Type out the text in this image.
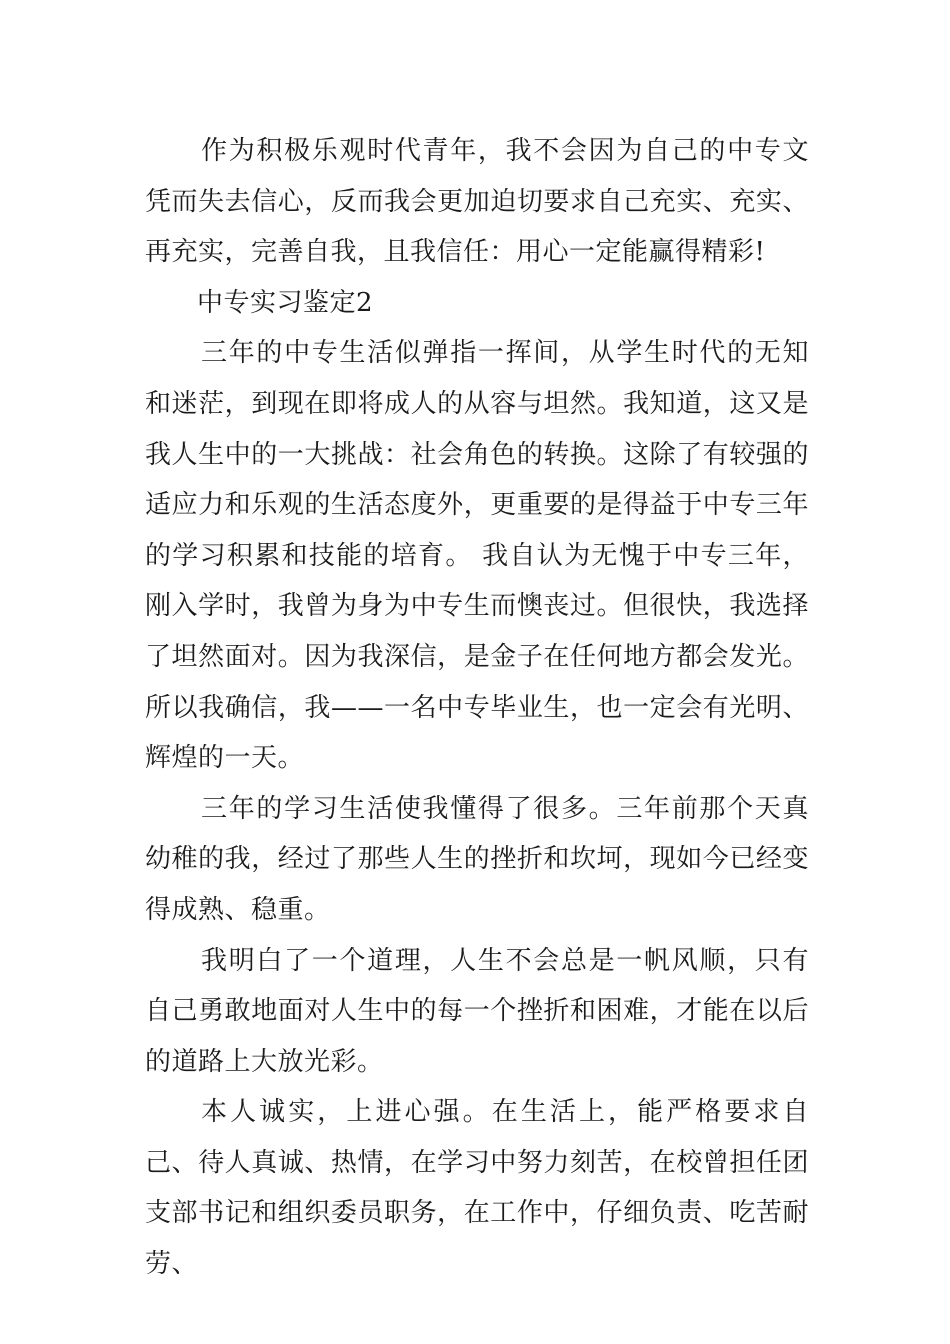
作为积极乐观时代青年，我不会因为自己的中专文凭而失去信心，反而我会更加迫切要求自己充实、充实、再充实，完善自我，且我信任：用心一定能赢得精彩!

中专实习鉴定2

三年的中专生活似弹指一挥间，从学生时代的无知和迷茫，到现在即将成人的从容与坦然。我知道，这又是我人生中的一大挑战：社会角色的转换。这除了有较强的适应力和乐观的生活态度外，更重要的是得益于中专三年的学习积累和技能的培育。 我自认为无愧于中专三年，刚入学时，我曾为身为中专生而懊丧过。但很快，我选择了坦然面对。因为我深信，是金子在任何地方都会发光。所以我确信，我——一名中专毕业生，也一定会有光明、辉煌的一天。

三年的学习生活使我懂得了很多。三年前那个天真幼稚的我，经过了那些人生的挫折和坎坷，现如今已经变得成熟、稳重。

我明白了一个道理，人生不会总是一帆风顺，只有自己勇敢地面对人生中的每一个挫折和困难，才能在以后的道路上大放光彩。

本人诚实，上进心强。在生活上，能严格要求自己、待人真诚、热情，在学习中努力刻苦，在校曾担任团支部书记和组织委员职务，在工作中，仔细负责、吃苦耐劳、
